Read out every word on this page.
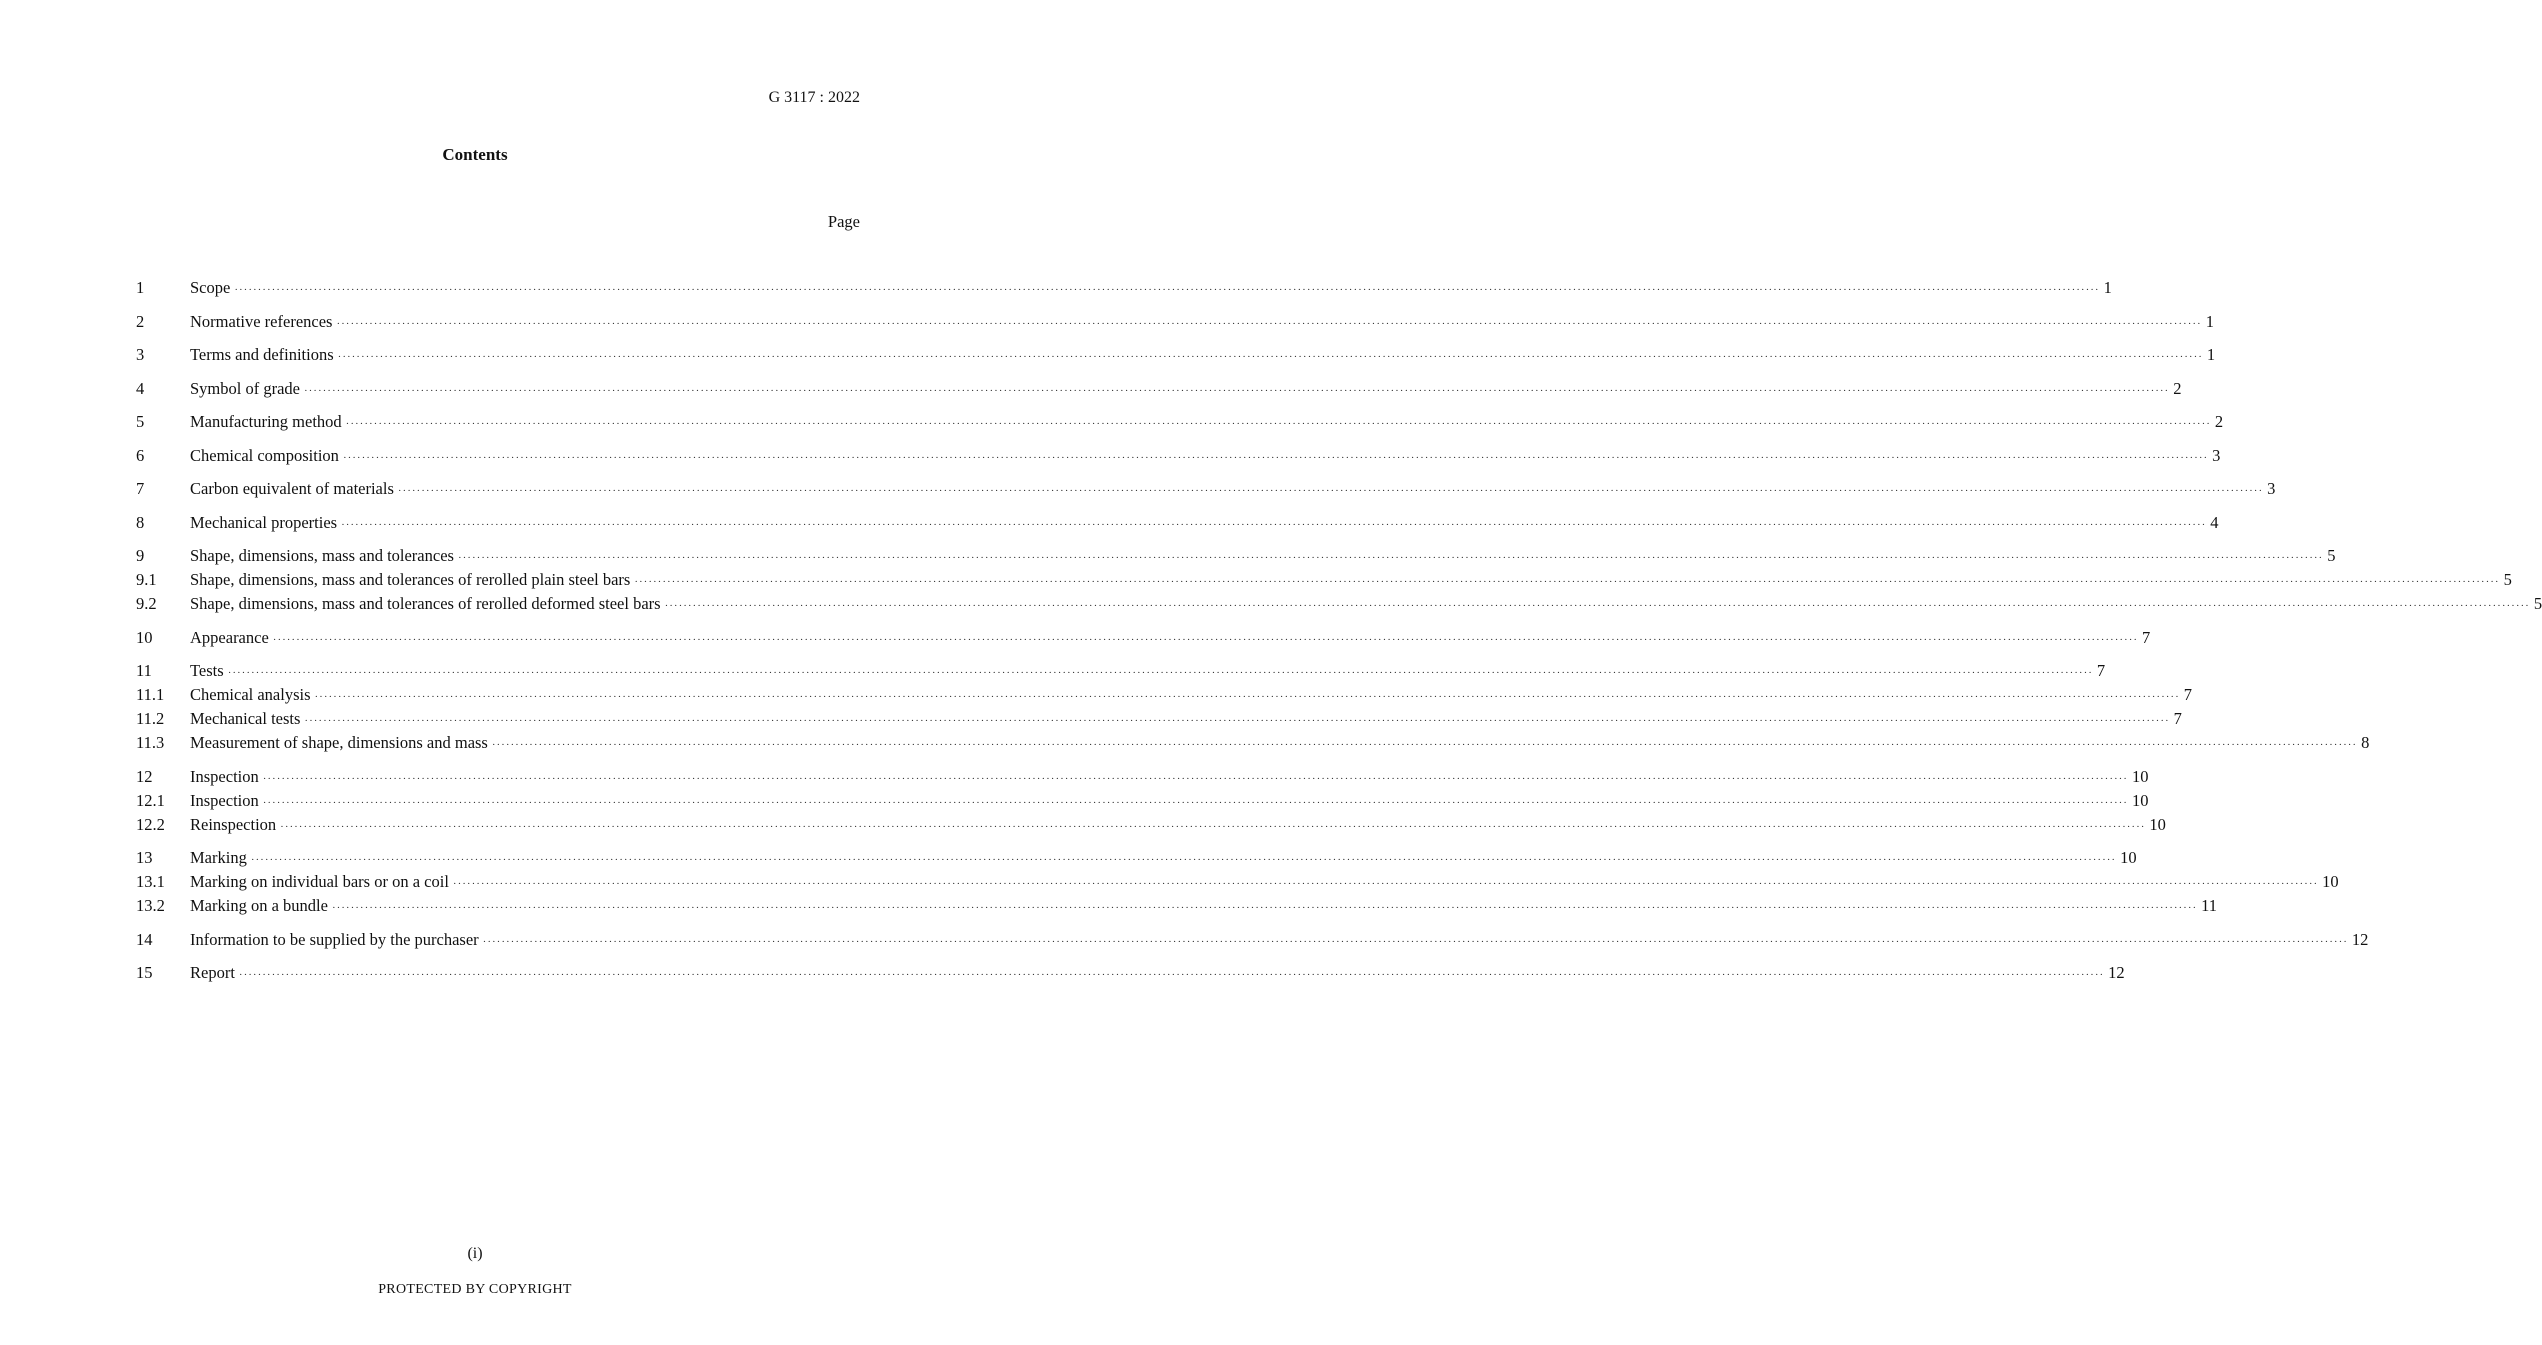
G 3117 : 2022
Contents
Page
1	Scope ················································································································································································································································································································································································································ 1
2	Normative references ················································································································································································································································································································································································································ 1
3	Terms and definitions ················································································································································································································································································································································································································ 1
4	Symbol of grade ················································································································································································································································································································································································································ 2
5	Manufacturing method ················································································································································································································································································································································································································ 2
6	Chemical composition ················································································································································································································································································································································································································ 3
7	Carbon equivalent of materials ················································································································································································································································································································································································································ 3
8	Mechanical properties ················································································································································································································································································································································································································ 4
9	Shape, dimensions, mass and tolerances ················································································································································································································································································································································································································ 5
9.1	Shape, dimensions, mass and tolerances of rerolled plain steel bars ················································································································································································································································································································································································································ 5
9.2	Shape, dimensions, mass and tolerances of rerolled deformed steel bars ················································································································································································································································································································································································································ 5
10	Appearance ················································································································································································································································································································································································································ 7
11	Tests ················································································································································································································································································································································································································ 7
11.1	Chemical analysis ················································································································································································································································································································································································································ 7
11.2	Mechanical tests ················································································································································································································································································································································································································ 7
11.3	Measurement of shape, dimensions and mass ················································································································································································································································································································································································································ 8
12	Inspection ················································································································································································································································································································································································································ 10
12.1	Inspection ················································································································································································································································································································································································································ 10
12.2	Reinspection ················································································································································································································································································································································································································ 10
13	Marking ················································································································································································································································································································································································································ 10
13.1	Marking on individual bars or on a coil ················································································································································································································································································································································································································ 10
13.2	Marking on a bundle ················································································································································································································································································································································································································ 11
14	Information to be supplied by the purchaser ················································································································································································································································································································································································································ 12
15	Report ················································································································································································································································································································································································································ 12
(i)
PROTECTED BY COPYRIGHT
